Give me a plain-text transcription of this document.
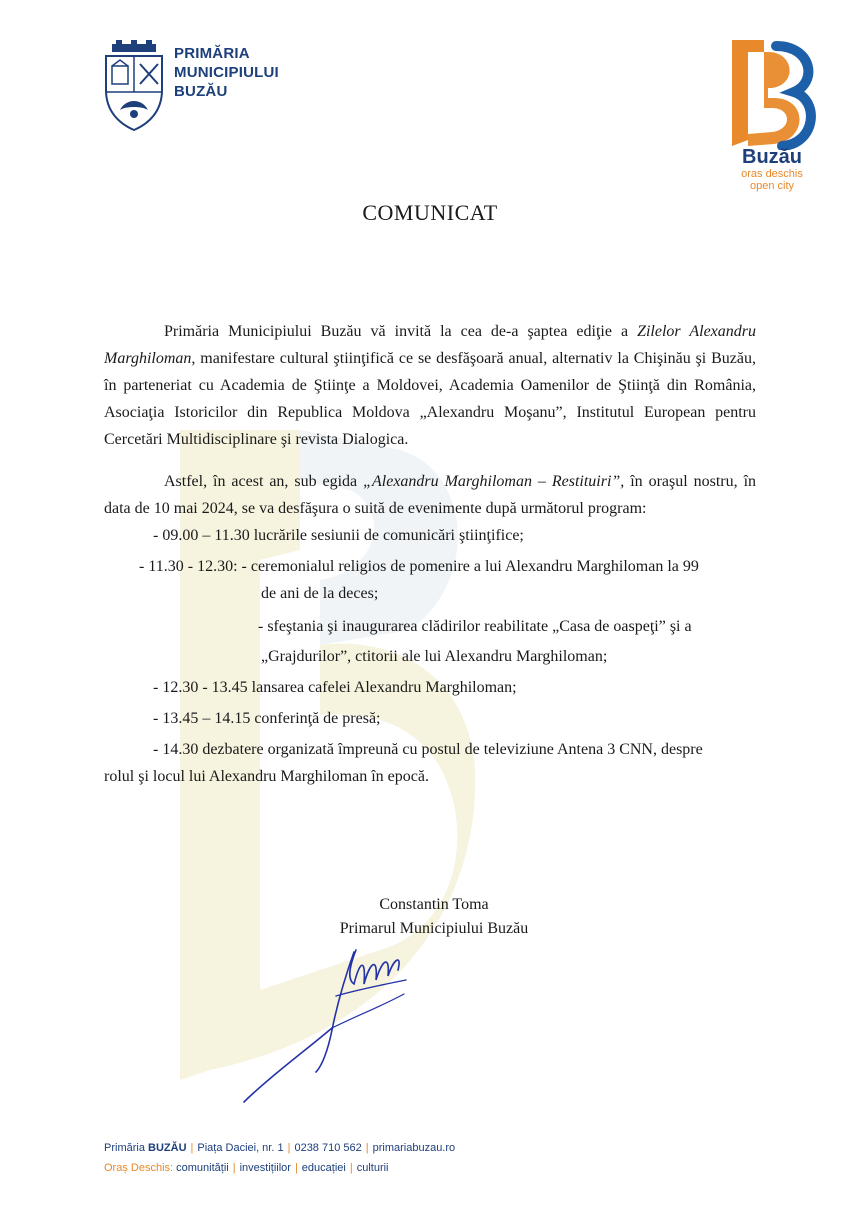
PRIMĂRIA
MUNICIPIULUI
BUZĂU
Buzău
oras deschis
open city
COMUNICAT
Primăria Municipiului Buzău vă invită la cea de-a şaptea ediţie a Zilelor Alexandru Marghiloman, manifestare cultural ştiinţifică ce se desfăşoară anual, alternativ la Chişinău şi Buzău, în parteneriat cu Academia de Ştiinţe a Moldovei, Academia Oamenilor de Ştiinţă din România, Asociaţia Istoricilor din Republica Moldova „Alexandru Moşanu”, Institutul European pentru Cercetări Multidisciplinare şi revista Dialogica.
Astfel, în acest an, sub egida „Alexandru Marghiloman – Restituiri”, în oraşul nostru, în data de 10 mai 2024, se va desfăşura o suită de evenimente după următorul program:
- 09.00 – 11.30 lucrările sesiunii de comunicări ştiinţifice;
- 11.30 - 12.30: - ceremonialul religios de pomenire a lui Alexandru Marghiloman la 99
de ani de la deces;
- sfeştania şi inaugurarea clădirilor reabilitate „Casa de oaspeţi” şi a
„Grajdurilor”, ctitorii ale lui Alexandru Marghiloman;
- 12.30 - 13.45 lansarea cafelei Alexandru Marghiloman;
- 13.45 – 14.15 conferinţă de presă;
- 14.30 dezbatere organizată împreună cu postul de televiziune Antena 3 CNN, despre
rolul şi locul lui Alexandru Marghiloman în epocă.
Constantin Toma
Primarul Municipiului Buzău
Primăria BUZĂU | Piața Daciei, nr. 1 | 0238 710 562 | primariabuzau.ro
Oraș Deschis: comunității | investițiilor | educației | culturii
